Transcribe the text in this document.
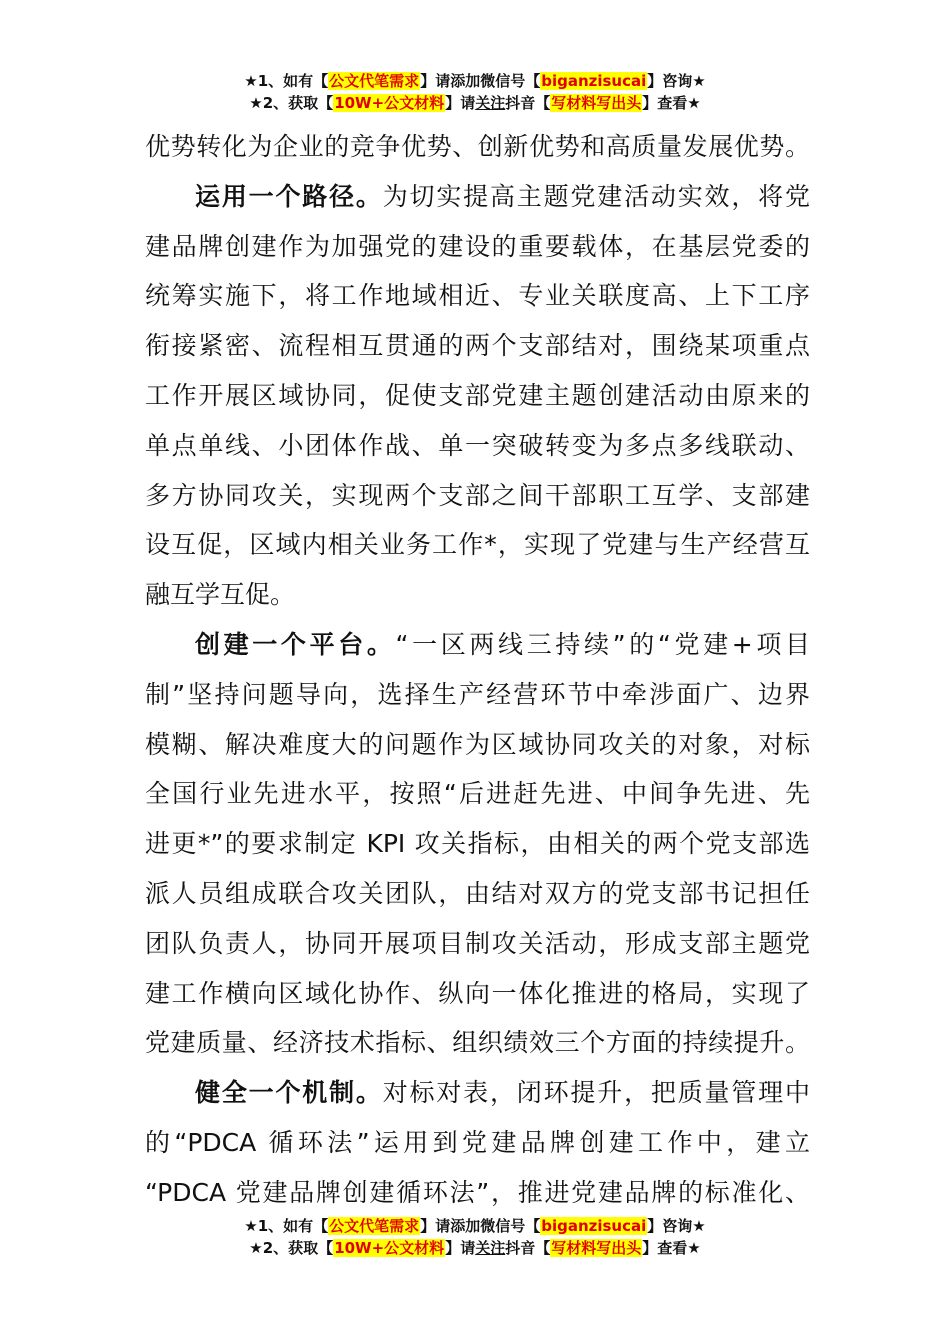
★1、如有【公文代笔需求】请添加微信号【biganzisucai】咨询★
★2、获取【10W+公文材料】请关注抖音【写材料写出头】查看★
优势转化为企业的竞争优势、创新优势和高质量发展优势。
运用一个路径。为切实提高主题党建活动实效，将党
建品牌创建作为加强党的建设的重要载体，在基层党委的
统筹实施下，将工作地域相近、专业关联度高、上下工序
衔接紧密、流程相互贯通的两个支部结对，围绕某项重点
工作开展区域协同，促使支部党建主题创建活动由原来的
单点单线、小团体作战、单一突破转变为多点多线联动、
多方协同攻关，实现两个支部之间干部职工互学、支部建
设互促，区域内相关业务工作*，实现了党建与生产经营互
融互学互促。
创建一个平台。“一区两线三持续”的“党建+项目
制”坚持问题导向，选择生产经营环节中牵涉面广、边界
模糊、解决难度大的问题作为区域协同攻关的对象，对标
全国行业先进水平，按照“后进赶先进、中间争先进、先
进更*”的要求制定 KPI 攻关指标，由相关的两个党支部选
派人员组成联合攻关团队，由结对双方的党支部书记担任
团队负责人，协同开展项目制攻关活动，形成支部主题党
建工作横向区域化协作、纵向一体化推进的格局，实现了
党建质量、经济技术指标、组织绩效三个方面的持续提升。
健全一个机制。对标对表，闭环提升，把质量管理中
的“PDCA 循环法”运用到党建品牌创建工作中，建立
“PDCA 党建品牌创建循环法”，推进党建品牌的标准化、
★1、如有【公文代笔需求】请添加微信号【biganzisucai】咨询★
★2、获取【10W+公文材料】请关注抖音【写材料写出头】查看★
